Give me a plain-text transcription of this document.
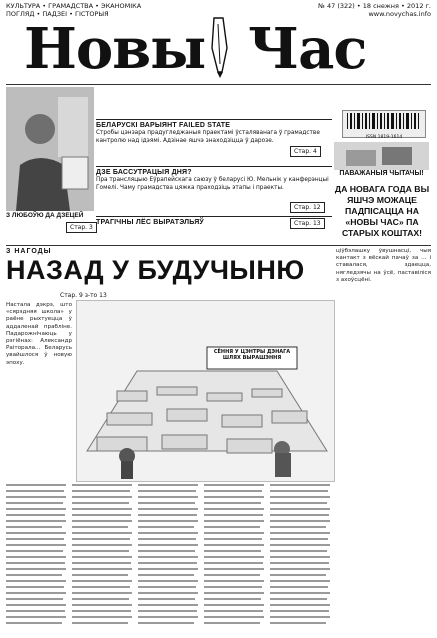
КУЛЬТУРА • ГРАМАДСТВА • ЭКАНОМІКА
ПОГЛЯД • ПАДЗЕІ • ГІСТОРЫЯ
№ 47 (322) • 18 снежня • 2012 г.
www.novychas.info
Новы Час
З ЛЮБОЎЮ ДА ДЗЕЦЕЙ
Стар. 3
БЕЛАРУСКІ ВАРЫЯНТ FAILED STATE
Стробы цэнзара прадугледжаныя праектамі ўсталяванага ў грамадстве кантролю над ідэямі. Адзінае яшчэ знаходзіцца ў дарозе.
Стар. 4
ДЗЕ БАССУТРАЦЫЯ ДНЯ?
Пра трансляцыю Еўрапейскага саюзу ў беларусі Ю. Мельнік у канферэнцыі Гомелі. Чаму грамадства цяжка праходзіць этапы і праекты.
Стар. 12
ТРАГІЧНЫ ЛЁС ВЫРАТЭЛЬЯЎ	Стар. 13
ISSN 1819-1614
ПАВАЖАНЫЯ ЧЫТАЧЫ!
ДА НОВАГА ГОДА ВЫ ЯШЧЭ МОЖАЦЕ ПАДПІСАЦЦА НА «НОВЫ ЧАС» ПА СТАРЫХ КОШТАХ!
З НАГОДЫ
НАЗАД У БУДУЧЫНЮ
Стар. 9 з-то 13
СЁННЯ У ЦЭНТРЫ ДЭНАГА ШЛЯХ ВЫРАШЭННЯ
Настала дэкрэ, што «сярэдняя школа» у раёне рыхтуецца ў аддаленай прабліне. Падарожнічаюць у рэгіёнах: Александр Раіторала... Беларусь увайшлося ў новую эпоху.
ціўбэлашку ўвушнасці, чыя кантакт з вёскай пачаў за ... і ставалася, здаецца, нягледзячы на ўсё, паставіліся з ахоўсцёні.
